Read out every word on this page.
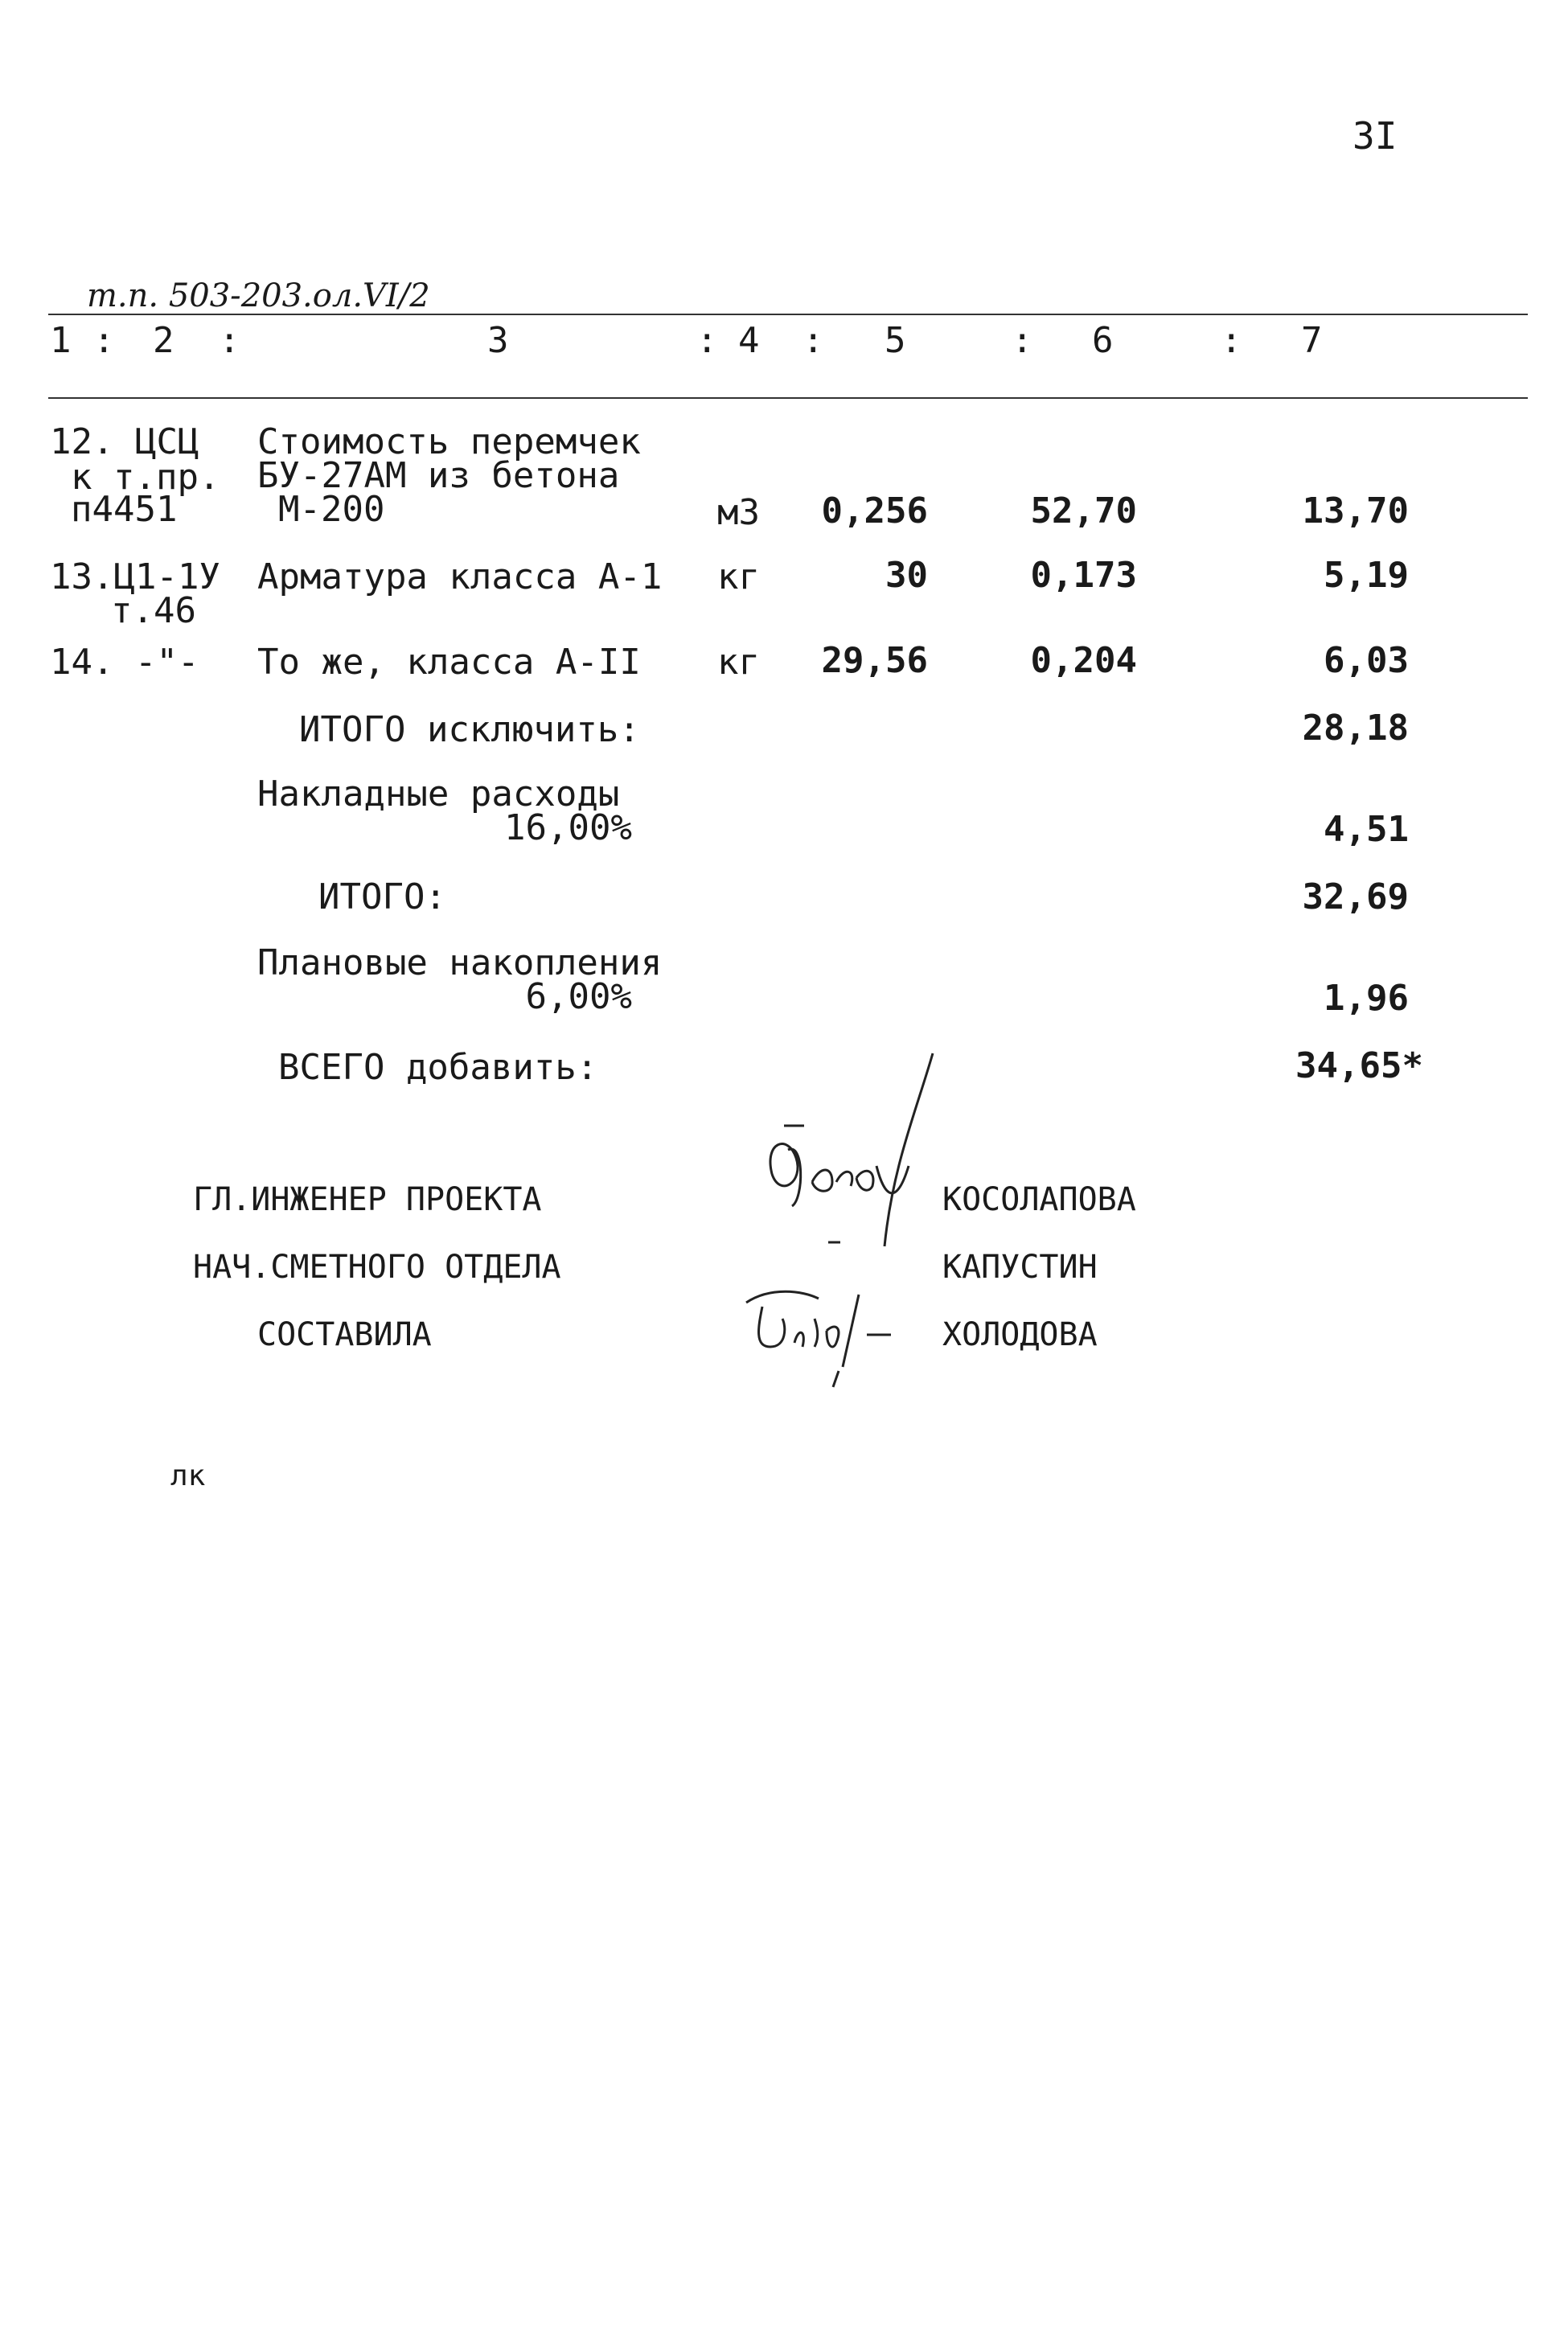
3I
т.п. 503-203.ол.VI/2
1 : 2 :	3	: 4 : 5	: 6	: 7
12. ЦСЦ
к т.пр.
п4451
Стоимость перемчек
БУ-27АМ из бетона
М-200	м3 0,256	52,70	13,70
13.Ц1-1У
т.46
Арматура класса А-1 кг	30	0,173	5,19
14. -"- То же, класса А-II кг 29,56	0,204	6,03
ИТОГО исключить:	28,18
Накладные расходы
16,00%	4,51
ИТОГО:	32,69
Плановые накопления
6,00%	1,96
ВСЕГО добавить:	34,65*
ГЛ.ИНЖЕНЕР ПРОЕКТА	КОСОЛАПОВА
НАЧ.СМЕТНОГО ОТДЕЛА	КАПУСТИН
СОСТАВИЛА	ХОЛОДОВА
лк
